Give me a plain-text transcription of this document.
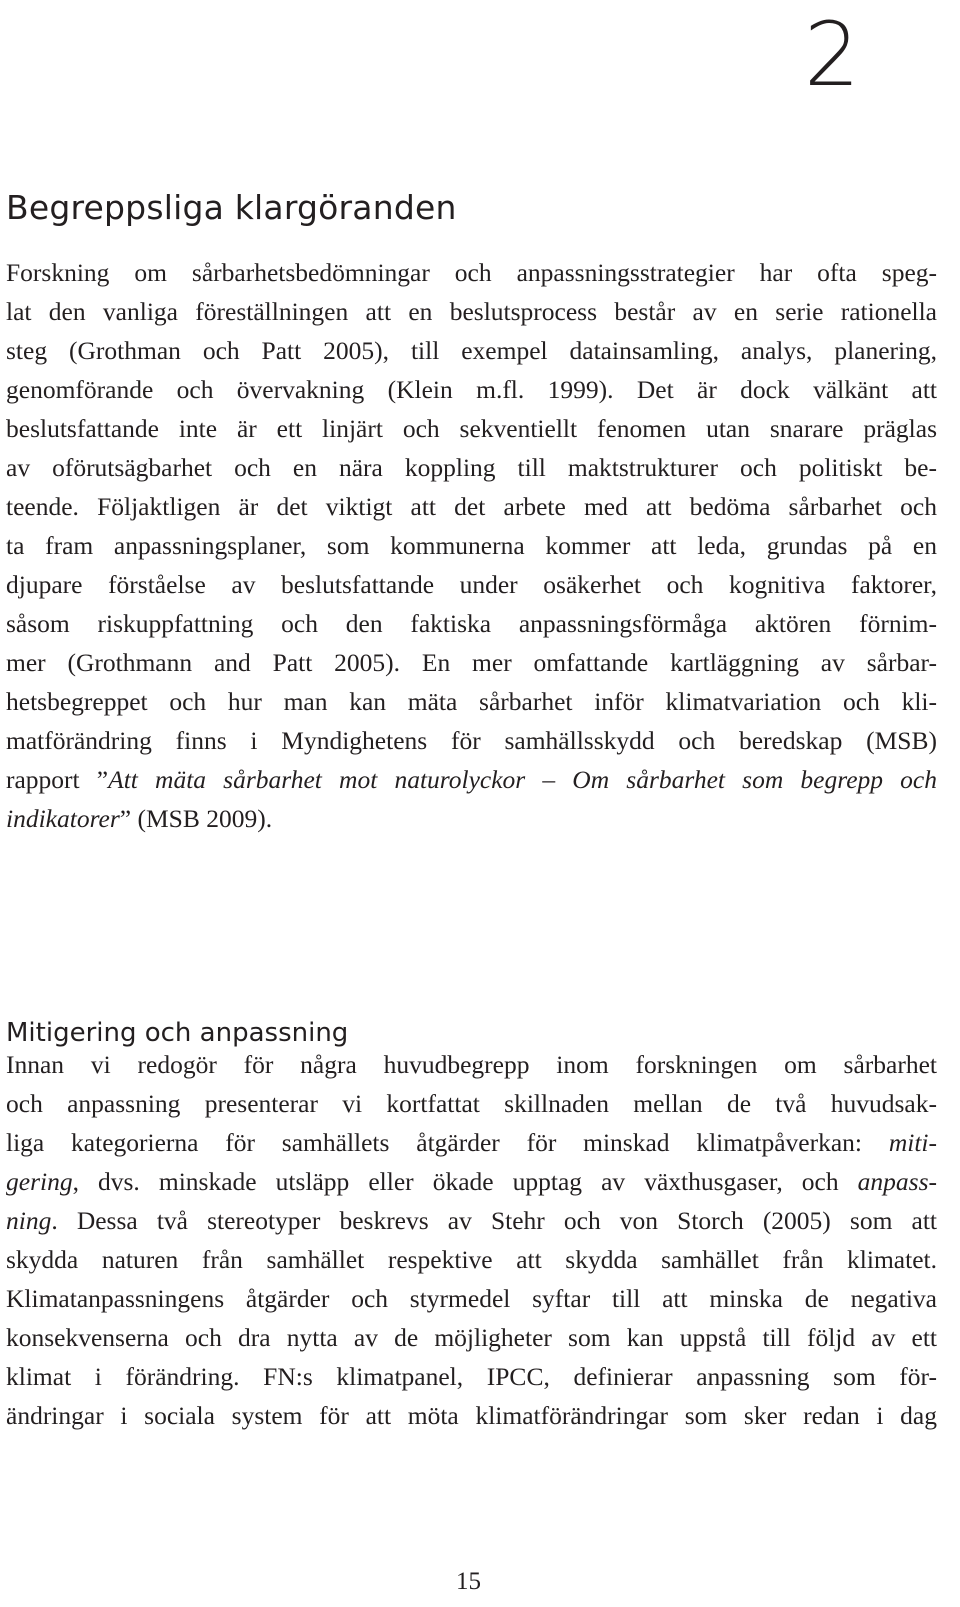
2
Begreppsliga klargöranden
Forskning om sårbarhetsbedömningar och anpassningsstrategier har ofta speg-
lat den vanliga föreställningen att en beslutsprocess består av en serie rationella
steg (Grothman och Patt 2005), till exempel datainsamling, analys, planering,
genomförande och övervakning (Klein m.fl. 1999). Det är dock välkänt att
beslutsfattande inte är ett linjärt och sekventiellt fenomen utan snarare präglas
av oförutsägbarhet och en nära koppling till maktstrukturer och politiskt be-
teende. Följaktligen är det viktigt att det arbete med att bedöma sårbarhet och
ta fram anpassningsplaner, som kommunerna kommer att leda, grundas på en
djupare förståelse av beslutsfattande under osäkerhet och kognitiva faktorer,
såsom riskuppfattning och den faktiska anpassningsförmåga aktören förnim-
mer (Grothmann and Patt 2005). En mer omfattande kartläggning av sårbar-
hetsbegreppet och hur man kan mäta sårbarhet inför klimatvariation och kli-
matförändring finns i Myndighetens för samhällsskydd och beredskap (MSB)
rapport ”Att mäta sårbarhet mot naturolyckor – Om sårbarhet som begrepp och
indikatorer” (MSB 2009).
Mitigering och anpassning
Innan vi redogör för några huvudbegrepp inom forskningen om sårbarhet
och anpassning presenterar vi kortfattat skillnaden mellan de två huvudsak-
liga kategorierna för samhällets åtgärder för minskad klimatpåverkan: miti-
gering, dvs. minskade utsläpp eller ökade upptag av växthusgaser, och anpass-
ning. Dessa två stereotyper beskrevs av Stehr och von Storch (2005) som att
skydda naturen från samhället respektive att skydda samhället från klimatet.
Klimatanpassningens åtgärder och styrmedel syftar till att minska de negativa
konsekvenserna och dra nytta av de möjligheter som kan uppstå till följd av ett
klimat i förändring. FN:s klimatpanel, IPCC, definierar anpassning som för-
ändringar i sociala system för att möta klimatförändringar som sker redan i dag
15
